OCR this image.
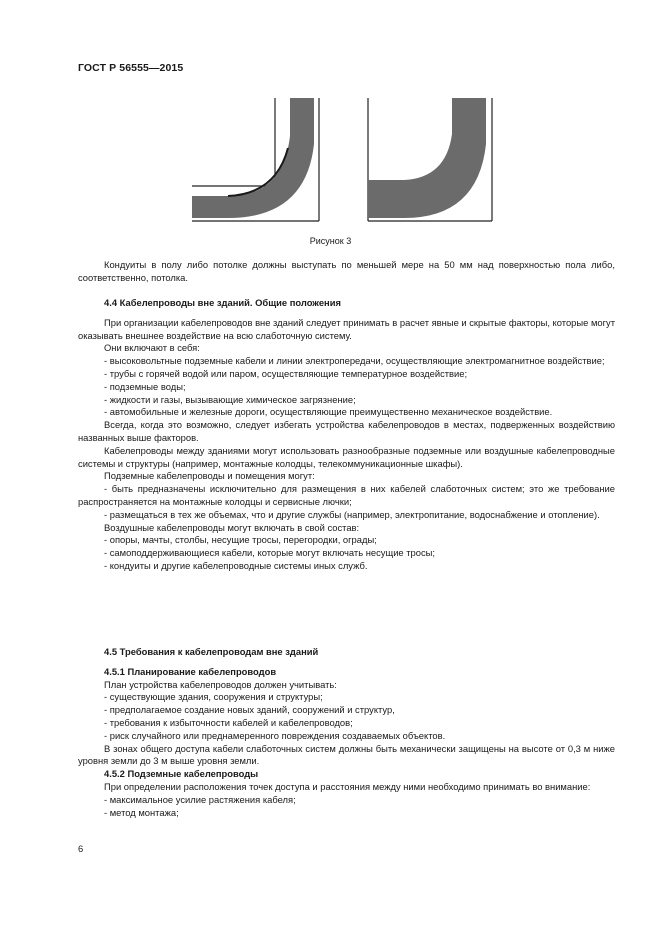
ГОСТ Р 56555—2015
Рисунок 3

Кондуиты в полу либо потолке должны выступать по меньшей мере на 50 мм над поверхностью пола либо, соответственно, потолка.

4.4 Кабелепроводы вне зданий. Общие положения

При организации кабелепроводов вне зданий следует принимать в расчет явные и скрытые факторы, которые могут оказывать внешнее воздействие на всю слаботочную систему.

Они включают в себя:

- высоковольтные подземные кабели и линии электропередачи, осуществляющие электромагнитное воздействие;

- трубы с горячей водой или паром, осуществляющие температурное воздействие;

- подземные воды;

- жидкости и газы, вызывающие химическое загрязнение;

- автомобильные и железные дороги, осуществляющие преимущественно механическое воздействие.

Всегда, когда это возможно, следует избегать устройства кабелепроводов в местах, подверженных воздействию названных выше факторов.

Кабелепроводы между зданиями могут использовать разнообразные подземные или воздушные кабелепроводные системы и структуры (например, монтажные колодцы, телекоммуникационные шкафы).

Подземные кабелепроводы и помещения могут:

- быть предназначены исключительно для размещения в них кабелей слаботочных систем; это же требование распространяется на монтажные колодцы и сервисные лючки;

- размещаться в тех же объемах, что и другие службы (например, электропитание, водоснабжение и отопление).

Воздушные кабелепроводы могут включать в свой состав:

- опоры, мачты, столбы, несущие тросы, перегородки, ограды;

- самоподдерживающиеся кабели, которые могут включать несущие тросы;

- кондуиты и другие кабелепроводные системы иных служб.

4.5 Требования к кабелепроводам вне зданий
4.5.1 Планирование кабелепроводов

План устройства кабелепроводов должен учитывать:

- существующие здания, сооружения и структуры;

- предполагаемое создание новых зданий, сооружений и структур,

- требования к избыточности кабелей и кабелепроводов;

- риск случайного или преднамеренного повреждения создаваемых объектов.

В зонах общего доступа кабели слаботочных систем должны быть механически защищены на высоте от 0,3 м ниже уровня земли до 3 м выше уровня земли.

4.5.2 Подземные кабелепроводы

При определении расположения точек доступа и расстояния между ними необходимо принимать во внимание:

- максимальное усилие растяжения кабеля;

- метод монтажа;

6
